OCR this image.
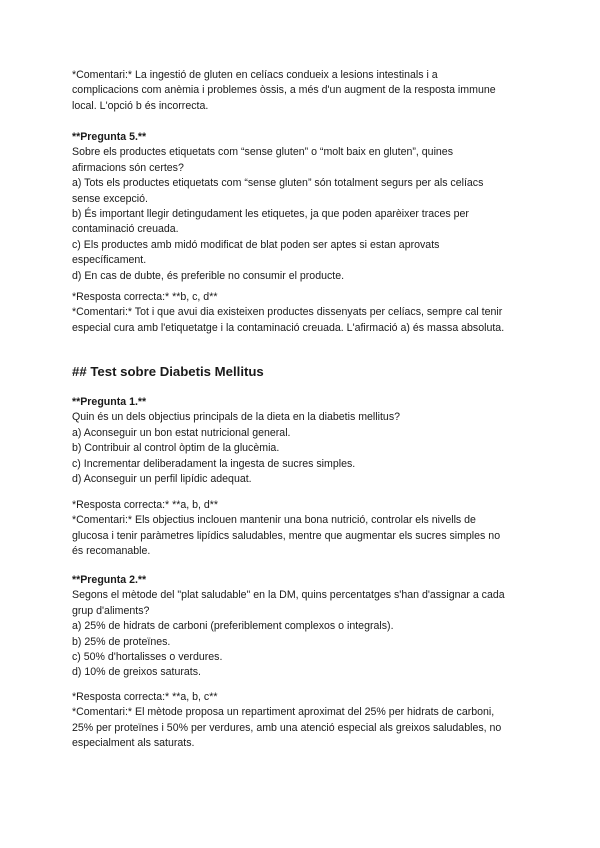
*Comentari:* La ingestió de gluten en celíacs condueix a lesions intestinals i a
complicacions com anèmia i problemes òssis, a més d'un augment de la resposta immune
local. L'opció b és incorrecta.
**Pregunta 5.**
Sobre els productes etiquetats com “sense gluten” o “molt baix en gluten”, quines
afirmacions són certes?
a) Tots els productes etiquetats com “sense gluten” són totalment segurs per als celíacs
sense excepció.
b) És important llegir detingudament les etiquetes, ja que poden aparèixer traces per
contaminació creuada.
c) Els productes amb midó modificat de blat poden ser aptes si estan aprovats
específicament.
d) En cas de dubte, és preferible no consumir el producte.
*Resposta correcta:* **b, c, d**
*Comentari:* Tot i que avui dia existeixen productes dissenyats per celíacs, sempre cal tenir
especial cura amb l'etiquetatge i la contaminació creuada. L'afirmació a) és massa absoluta.
## Test sobre Diabetis Mellitus
**Pregunta 1.**
Quin és un dels objectius principals de la dieta en la diabetis mellitus?
a) Aconseguir un bon estat nutricional general.
b) Contribuir al control òptim de la glucèmia.
c) Incrementar deliberadament la ingesta de sucres simples.
d) Aconseguir un perfil lipídic adequat.
*Resposta correcta:* **a, b, d**
*Comentari:* Els objectius inclouen mantenir una bona nutrició, controlar els nivells de
glucosa i tenir paràmetres lipídics saludables, mentre que augmentar els sucres simples no
és recomanable.
**Pregunta 2.**
Segons el mètode del "plat saludable" en la DM, quins percentatges s'han d'assignar a cada
grup d'aliments?
a) 25% de hidrats de carboni (preferiblement complexos o integrals).
b) 25% de proteïnes.
c) 50% d'hortalisses o verdures.
d) 10% de greixos saturats.
*Resposta correcta:* **a, b, c**
*Comentari:* El mètode proposa un repartiment aproximat del 25% per hidrats de carboni,
25% per proteïnes i 50% per verdures, amb una atenció especial als greixos saludables, no
especialment als saturats.
